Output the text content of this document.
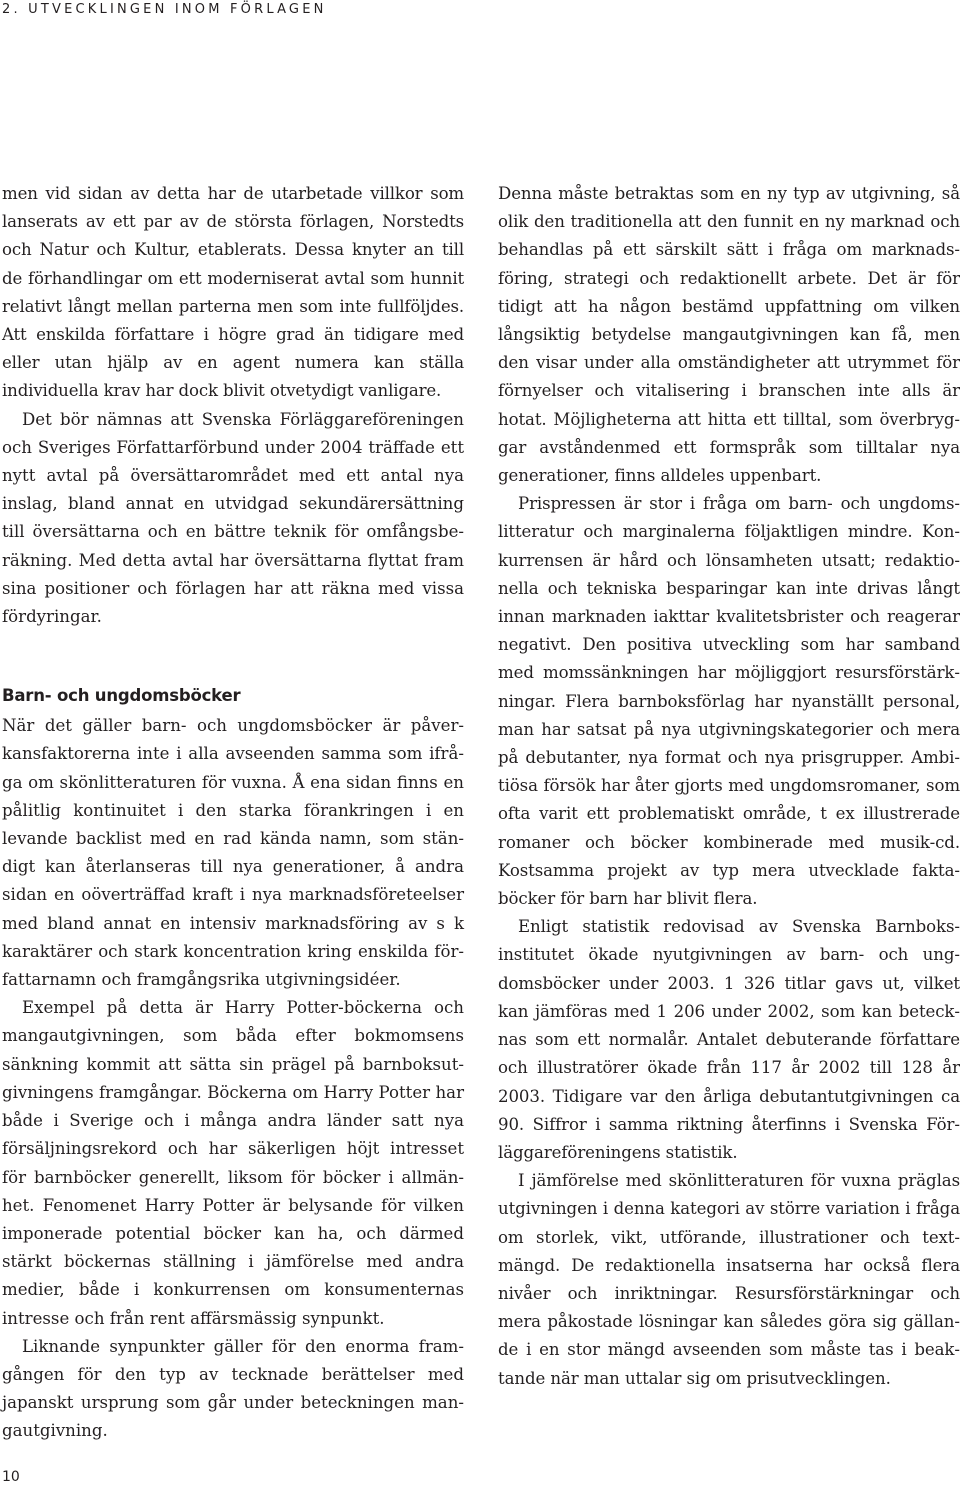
2. UTVECKLINGEN INOM FÖRLAGEN

men vid sidan av detta har de utarbetade villkor som lanserats av ett par av de största förlagen, Norstedts och Natur och Kultur, etablerats. Dessa knyter an till de förhandlingar om ett moderniserat avtal som hunnit relativt långt mellan parterna men som inte fullföljdes. Att enskilda författare i högre grad än tidigare med eller utan hjälp av en agent numera kan ställa individuella krav har dock blivit otvetydigt vanligare.

Det bör nämnas att Svenska Förläggareföreningen och Sveriges Författarförbund under 2004 träffade ett nytt avtal på översättarområdet med ett antal nya inslag, bland annat en utvidgad sekundärersättning till översättarna och en bättre teknik för omfångsberäkning. Med detta avtal har översättarna flyttat fram sina positioner och förlagen har att räkna med vissa fördyringar.

Barn- och ungdomsböcker

När det gäller barn- och ungdomsböcker är påverkansfaktorerna inte i alla avseenden samma som ifråga om skönlitteraturen för vuxna. Å ena sidan finns en pålitlig kontinuitet i den starka förankringen i en levande backlist med en rad kända namn, som ständigt kan återlanseras till nya generationer, å andra sidan en oöverträffad kraft i nya marknadsföreteelser med bland annat en intensiv marknadsföring av s k karaktärer och stark koncentration kring enskilda författarnamn och framgångsrika utgivningsidéer.

Exempel på detta är Harry Potter-böckerna och mangautgivningen, som båda efter bokmomsens sänkning kommit att sätta sin prägel på barnboksutgivningens framgångar. Böckerna om Harry Potter har både i Sverige och i många andra länder satt nya försäljningsrekord och har säkerligen höjt intresset för barnböcker generellt, liksom för böcker i allmänhet. Fenomenet Harry Potter är belysande för vilken imponerade potential böcker kan ha, och därmed stärkt böckernas ställning i jämförelse med andra medier, både i konkurrensen om konsumenternas intresse och från rent affärsmässig synpunkt.

Liknande synpunkter gäller för den enorma framgången för den typ av tecknade berättelser med japanskt ursprung som går under beteckningen mangautgivning.

Denna måste betraktas som en ny typ av utgivning, så olik den traditionella att den funnit en ny marknad och behandlas på ett särskilt sätt i fråga om marknadsföring, strategi och redaktionellt arbete. Det är för tidigt att ha någon bestämd uppfattning om vilken långsiktig betydelse mangautgivningen kan få, men den visar under alla omständigheter att utrymmet för förnyelser och vitalisering i branschen inte alls är hotat. Möjligheterna att hitta ett tilltal, som överbryggar avståndenmed ett formspråk som tilltalar nya generationer, finns alldeles uppenbart.

Prispressen är stor i fråga om barn- och ungdomslitteratur och marginalerna följaktligen mindre. Konkurrensen är hård och lönsamheten utsatt; redaktionella och tekniska besparingar kan inte drivas långt innan marknaden iakttar kvalitetsbrister och reagerar negativt. Den positiva utveckling som har samband med momssänkningen har möjliggjort resursförstärkningar. Flera barnboksförlag har nyanställt personal, man har satsat på nya utgivningskategorier och mera på debutanter, nya format och nya prisgrupper. Ambitiösa försök har åter gjorts med ungdomsromaner, som ofta varit ett problematiskt område, t ex illustrerade romaner och böcker kombinerade med musik-cd. Kostsamma projekt av typ mera utvecklade faktaböcker för barn har blivit flera.

Enligt statistik redovisad av Svenska Barnboksinstitutet ökade nyutgivningen av barn- och ungdomsböcker under 2003. 1 326 titlar gavs ut, vilket kan jämföras med 1 206 under 2002, som kan betecknas som ett normalår. Antalet debuterande författare och illustratörer ökade från 117 år 2002 till 128 år 2003. Tidigare var den årliga debutantutgivningen ca 90. Siffror i samma riktning återfinns i Svenska Förläggareföreningens statistik.

I jämförelse med skönlitteraturen för vuxna präglas utgivningen i denna kategori av större variation i fråga om storlek, vikt, utförande, illustrationer och textmängd. De redaktionella insatserna har också flera nivåer och inriktningar. Resursförstärkningar och mera påkostade lösningar kan således göra sig gällande i en stor mängd avseenden som måste tas i beaktande när man uttalar sig om prisutvecklingen.

10
